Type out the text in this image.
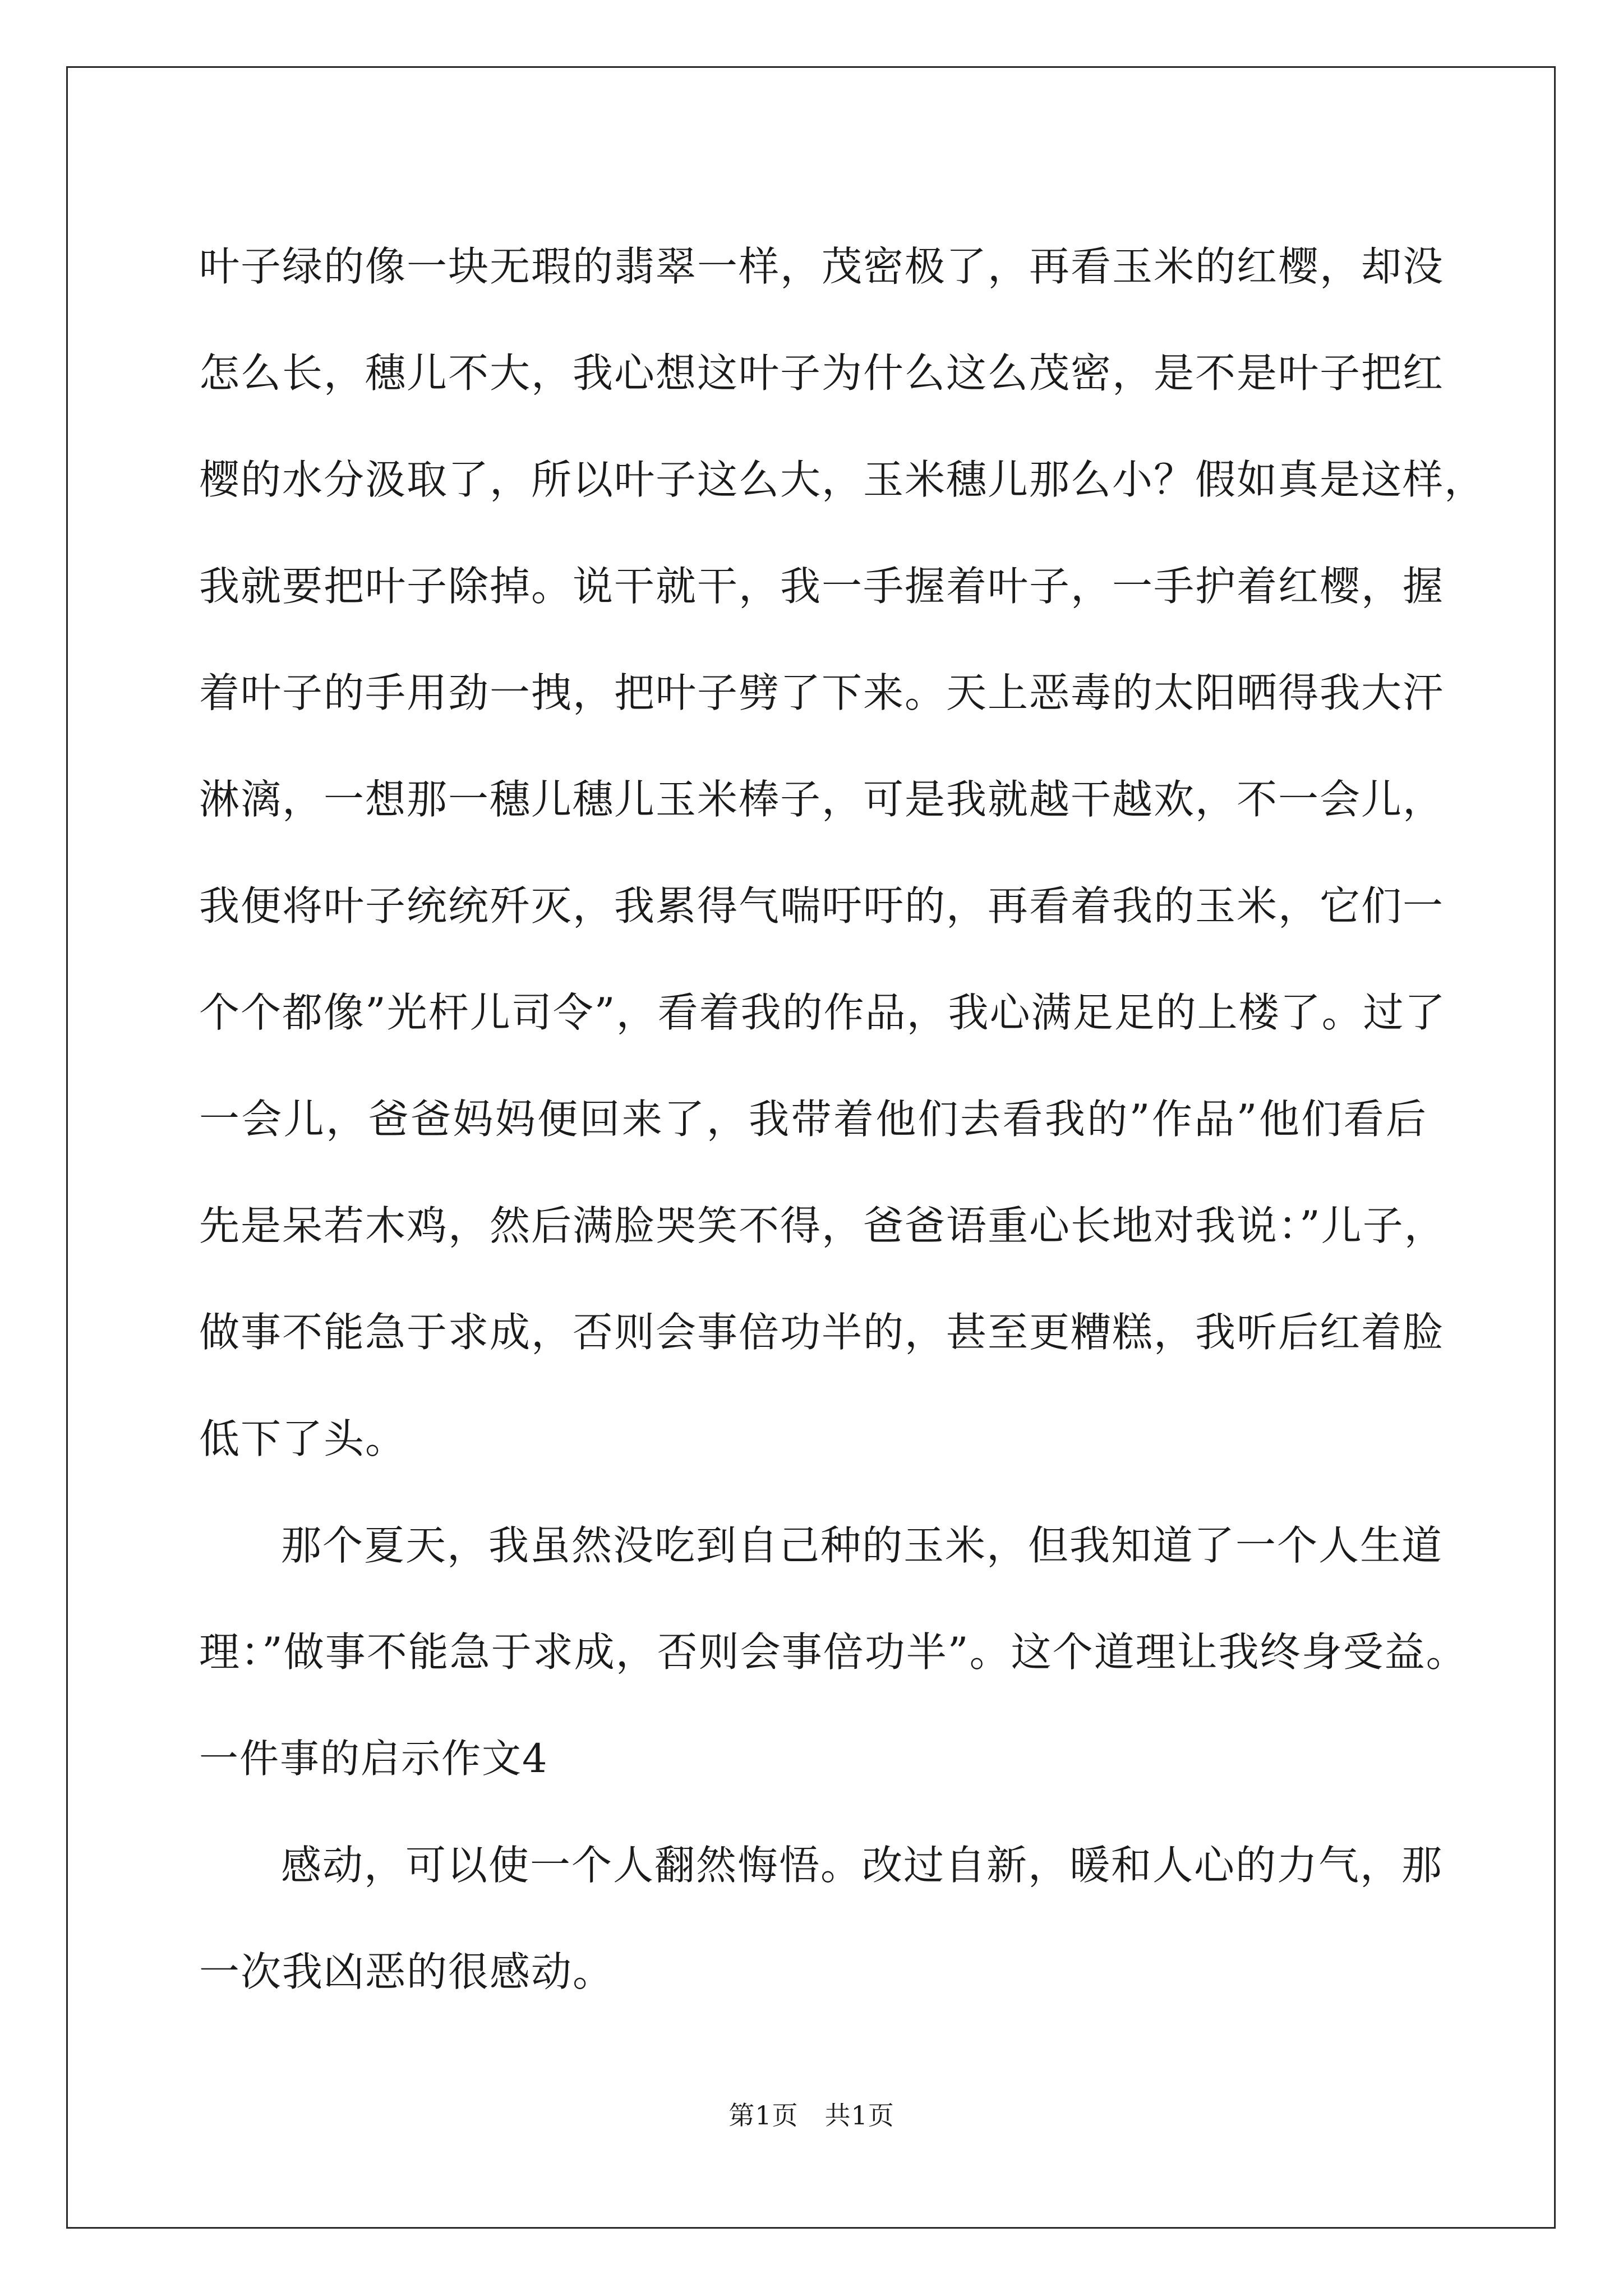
叶子绿的像一块无瑕的翡翠一样，茂密极了，再看玉米的红樱，却没
怎么长，穗儿不大，我心想这叶子为什么这么茂密，是不是叶子把红
樱的水分汲取了，所以叶子这么大，玉米穗儿那么小？假如真是这样，
我就要把叶子除掉。说干就干，我一手握着叶子，一手护着红樱，握
着叶子的手用劲一拽，把叶子劈了下来。天上恶毒的太阳晒得我大汗
淋漓，一想那一穗儿穗儿玉米棒子，可是我就越干越欢，不一会儿，
我便将叶子统统歼灭，我累得气喘吁吁的，再看着我的玉米，它们一
个个都像”光杆儿司令”，看着我的作品，我心满足足的上楼了。过了
一会儿，爸爸妈妈便回来了，我带着他们去看我的”作品”他们看后
先是呆若木鸡，然后满脸哭笑不得，爸爸语重心长地对我说：”儿子，
做事不能急于求成，否则会事倍功半的，甚至更糟糕，我听后红着脸
低下了头。
那个夏天，我虽然没吃到自己种的玉米，但我知道了一个人生道
理：”做事不能急于求成，否则会事倍功半”。这个道理让我终身受益。
一件事的启示作文4
感动，可以使一个人翻然悔悟。改过自新，暖和人心的力气，那
一次我凶恶的很感动。
第1页　共1页
